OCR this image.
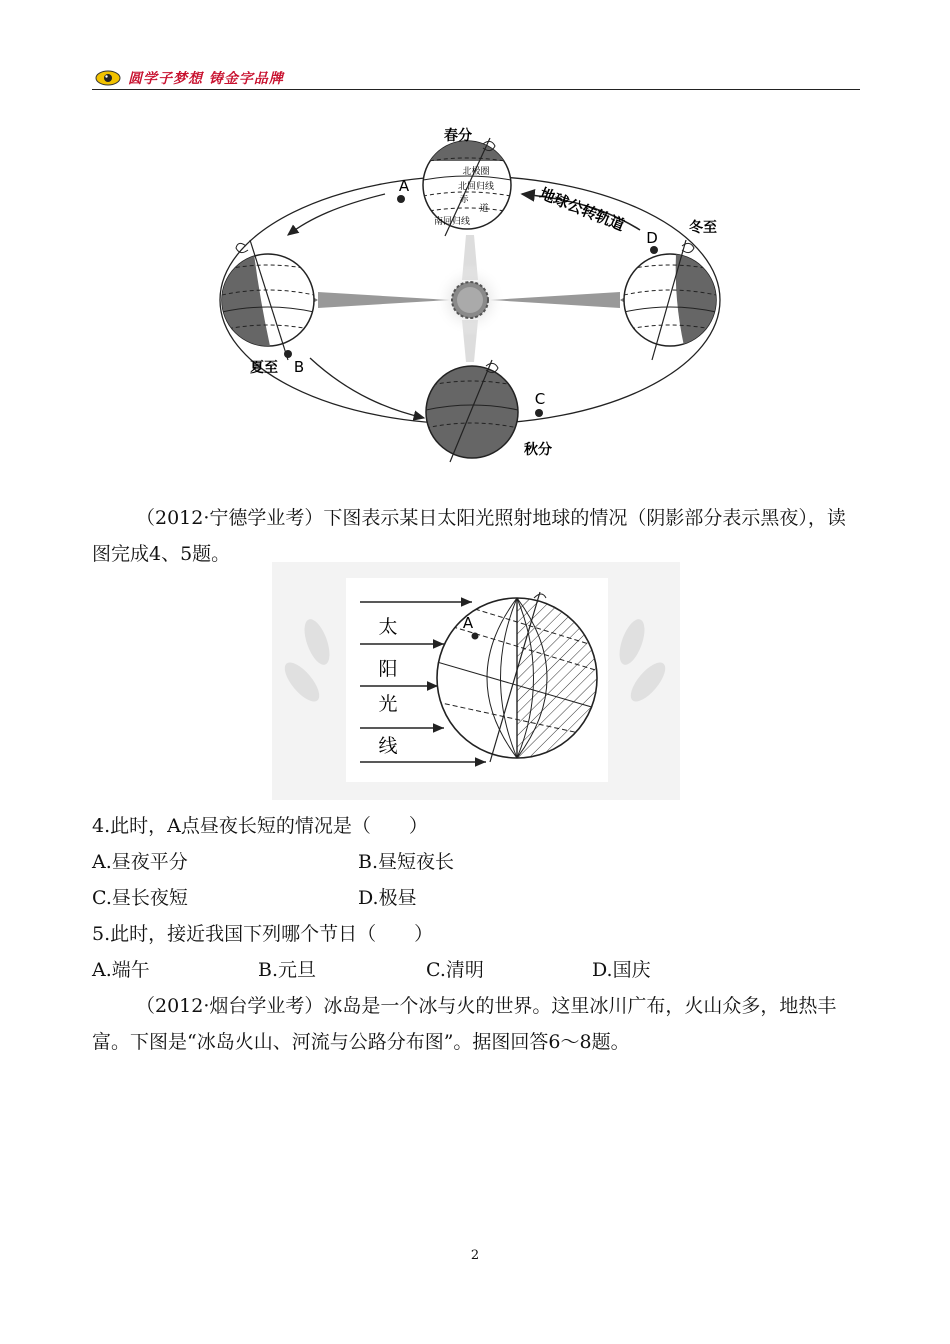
圆学子梦想 铸金字品牌
北极圈
北回归线
赤
道
南回归线
春分
夏至
冬至
秋分
A
B
C
D
地球公转轨道
（2012·宁德学业考）下图表示某日太阳光照射地球的情况（阴影部分表示黑夜），读图完成4、5题。
太
阳
光
线
A
4.此时，A点昼夜长短的情况是（　　）
A.昼夜平分	B.昼短夜长
C.昼长夜短	D.极昼
5.此时，接近我国下列哪个节日（　　）
A.端午	B.元旦	C.清明	D.国庆
（2012·烟台学业考）冰岛是一个冰与火的世界。这里冰川广布，火山众多，地热丰富。下图是“冰岛火山、河流与公路分布图”。据图回答6～8题。
2
